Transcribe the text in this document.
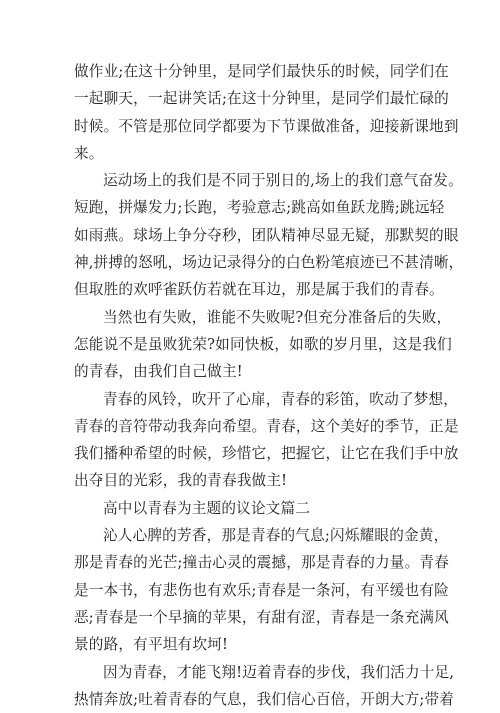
做作业;在这十分钟里，是同学们最快乐的时候，同学们在
一起聊天，一起讲笑话;在这十分钟里，是同学们最忙碌的
时候。不管是那位同学都要为下节课做准备，迎接新课地到
来。
运动场上的我们是不同于别日的,场上的我们意气奋发。
短跑，拼爆发力;长跑，考验意志;跳高如鱼跃龙腾;跳远轻
如雨燕。球场上争分夺秒，团队精神尽显无疑，那默契的眼
神,拼搏的怒吼，场边记录得分的白色粉笔痕迹已不甚清晰，
但取胜的欢呼雀跃仿若就在耳边，那是属于我们的青春。
当然也有失败，谁能不失败呢?但充分准备后的失败，
怎能说不是虽败犹荣?如同快板，如歌的岁月里，这是我们
的青春，由我们自己做主!
青春的风铃，吹开了心扉，青春的彩笛，吹动了梦想，
青春的音符带动我奔向希望。青春，这个美好的季节，正是
我们播种希望的时候，珍惜它，把握它，让它在我们手中放
出夺目的光彩，我的青春我做主!
高中以青春为主题的议论文篇二
沁人心脾的芳香，那是青春的气息;闪烁耀眼的金黄，
那是青春的光芒;撞击心灵的震撼，那是青春的力量。青春
是一本书，有悲伤也有欢乐;青春是一条河，有平缓也有险
恶;青春是一个早摘的苹果，有甜有涩，青春是一条充满风
景的路，有平坦有坎坷!
因为青春，才能飞翔!迈着青春的步伐，我们活力十足,
热情奔放;吐着青春的气息，我们信心百倍，开朗大方;带着
